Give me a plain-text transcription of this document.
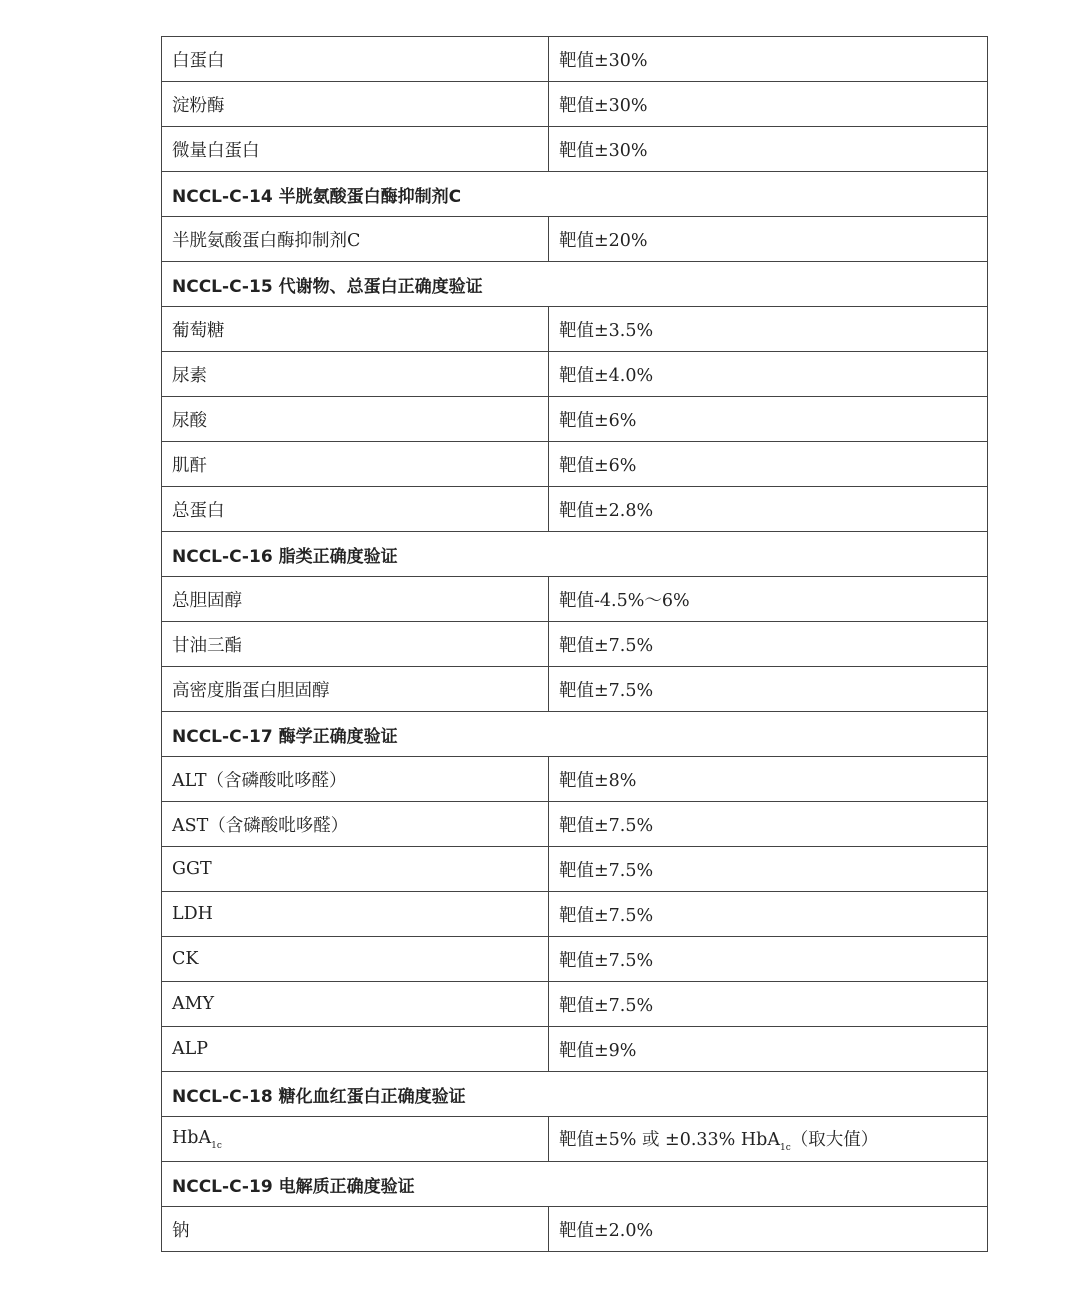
白蛋白	靶值±30%
淀粉酶	靶值±30%
微量白蛋白	靶值±30%
NCCL-C-14 半胱氨酸蛋白酶抑制剂C	
半胱氨酸蛋白酶抑制剂C	靶值±20%
NCCL-C-15 代谢物、总蛋白正确度验证	
葡萄糖	靶值±3.5%
尿素	靶值±4.0%
尿酸	靶值±6%
肌酐	靶值±6%
总蛋白	靶值±2.8%
NCCL-C-16 脂类正确度验证	
总胆固醇	靶值-4.5%～6%
甘油三酯	靶值±7.5%
高密度脂蛋白胆固醇	靶值±7.5%
NCCL-C-17 酶学正确度验证	
ALT（含磷酸吡哆醛）	靶值±8%
AST（含磷酸吡哆醛）	靶值±7.5%
GGT	靶值±7.5%
LDH	靶值±7.5%
CK	靶值±7.5%
AMY	靶值±7.5%
ALP	靶值±9%
NCCL-C-18 糖化血红蛋白正确度验证	
HbA$_{1c}$	靶值±5% 或 ±0.33% HbA$_{1c}$（取大值）
NCCL-C-19 电解质正确度验证	
钠	靶值±2.0%
